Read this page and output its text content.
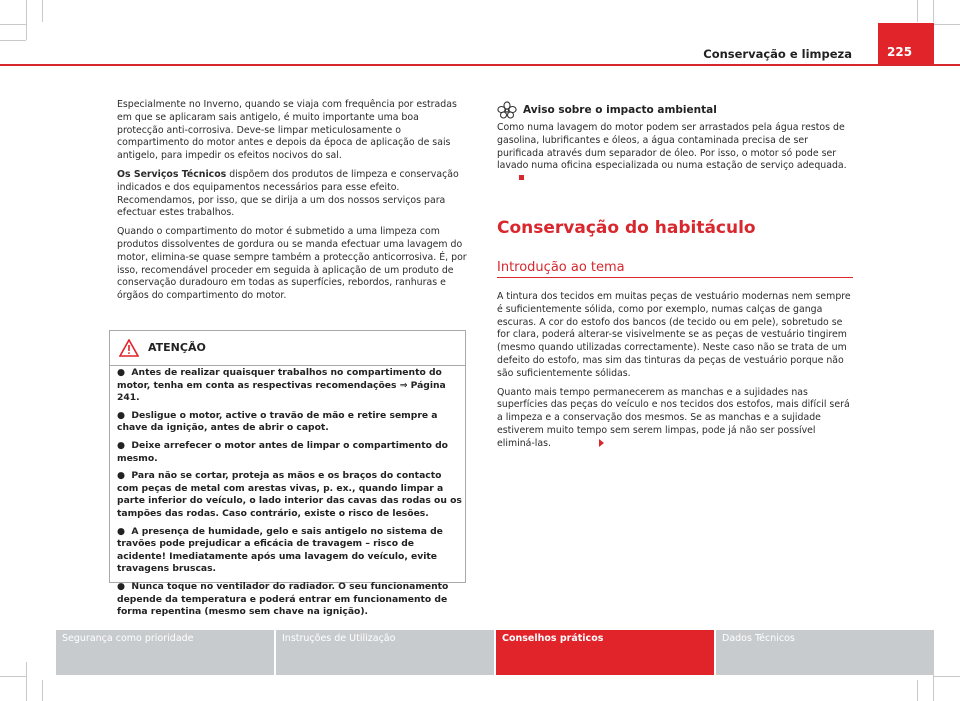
Conservação e limpeza	225

Especialmente no Inverno, quando se viaja com frequência por estradas em que se aplicaram sais antigelo, é muito importante uma boa protecção anti-corrosiva. Deve-se limpar meticulosamente o compartimento do motor antes e depois da época de aplicação de sais antigelo, para impedir os efeitos nocivos do sal.

Os Serviços Técnicos dispõem dos produtos de limpeza e conservação indicados e dos equipamentos necessários para esse efeito. Recomendamos, por isso, que se dirija a um dos nossos serviços para efectuar estes trabalhos.

Quando o compartimento do motor é submetido a uma limpeza com produtos dissolventes de gordura ou se manda efectuar uma lavagem do motor, elimina-se quase sempre também a protecção anticorrosiva. É, por isso, recomendável proceder em seguida à aplicação de um produto de conservação duradouro em todas as superfícies, rebordos, ranhuras e órgãos do compartimento do motor.

ATENÇÃO
●  Antes de realizar quaisquer trabalhos no compartimento do motor, tenha em conta as respectivas recomendações ⇒ Página 241.
●  Desligue o motor, active o travão de mão e retire sempre a chave da ignição, antes de abrir o capot.
●  Deixe arrefecer o motor antes de limpar o compartimento do mesmo.
●  Para não se cortar, proteja as mãos e os braços do contacto com peças de metal com arestas vivas, p. ex., quando limpar a parte inferior do veículo, o lado interior das cavas das rodas ou os tampões das rodas. Caso contrário, existe o risco de lesões.
●  A presença de humidade, gelo e sais antigelo no sistema de travões pode prejudicar a eficácia de travagem – risco de acidente! Imediatamente após uma lavagem do veículo, evite travagens bruscas.
●  Nunca toque no ventilador do radiador. O seu funcionamento depende da temperatura e poderá entrar em funcionamento de forma repentina (mesmo sem chave na ignição).
Aviso sobre o impacto ambiental

Como numa lavagem do motor podem ser arrastados pela água restos de gasolina, lubrificantes e óleos, a água contaminada precisa de ser purificada através dum separador de óleo. Por isso, o motor só pode ser lavado numa oficina especializada ou numa estação de serviço adequada.

Conservação do habitáculo
Introdução ao tema

A tintura dos tecidos em muitas peças de vestuário modernas nem sempre é suficientemente sólida, como por exemplo, numas calças de ganga escuras. A cor do estofo dos bancos (de tecido ou em pele), sobretudo se for clara, poderá alterar-se visivelmente se as peças de vestuário tingirem (mesmo quando utilizadas correctamente). Neste caso não se trata de um defeito do estofo, mas sim das tinturas da peças de vestuário porque não são suficientemente sólidas.

Quanto mais tempo permanecerem as manchas e a sujidades nas superfícies das peças do veículo e nos tecidos dos estofos, mais difícil será a limpeza e a conservação dos mesmos. Se as manchas e a sujidade estiverem muito tempo sem serem limpas, pode já não ser possível eliminá-las.

Segurança como prioridade	Instruções de Utilização	Conselhos práticos	Dados Técnicos
